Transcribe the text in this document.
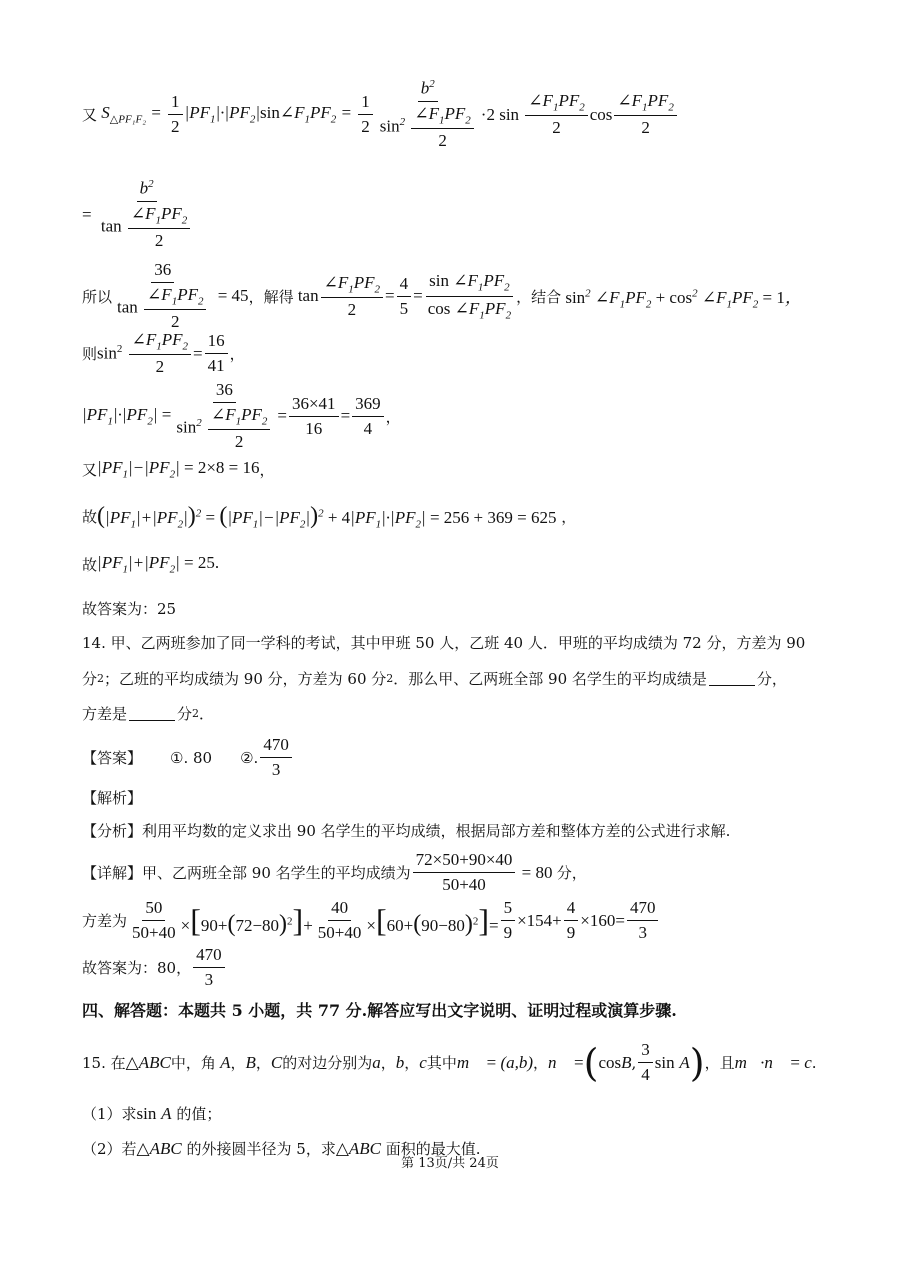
又 $S_{\triangle PF_1F_2} = \frac{1}{2}$ $|PF_1|\cdot|PF_2|\sin\angle F_1PF_2 = \frac{1}{2} \frac{b^2}{\sin^2 \frac{\angle F_1PF_2}{2}} \cdot 2$ $\sin \frac{\angle F_1PF_2}{2}$ $\cos \frac{\angle F_1PF_2}{2}$
= $\frac{b^2}{\tan \frac{\angle F_1PF_2}{2}}$
所以 $\frac{36}{\tan \frac{\angle F_1PF_2}{2}} = 45$ ，解得 $\tan \frac{\angle F_1PF_2}{2} = \frac{4}{5} = \frac{\sin \angle F_1PF_2}{\cos \angle F_1PF_2}$ ，结合 $\sin^2$ $\angle F_1PF_2 + \cos^2$ $\angle F_1PF_2 = 1$，
则 $\sin^2 \frac{\angle F_1PF_2}{2} = \frac{16}{41}$ ，
$|PF_1|\cdot|PF_2| = \frac{36}{\sin^2 \frac{\angle F_1PF_2}{2}} = \frac{36\times 41}{16} = \frac{369}{4}$ ，
又 $|PF_1|-|PF_2| = 2\times 8 = 16$ ，
故 $(|PF_1|+|PF_2|)^2 = (|PF_1|-|PF_2|)^2 + 4|PF_1|\cdot|PF_2| = 256 + 369 = 625$ ，
故 $|PF_1|+|PF_2| = 25$.
故答案为：25
14. 甲、乙两班参加了同一学科的考试，其中甲班 50 人，乙班 40 人．甲班的平均成绩为 72 分，方差为 90
分 2 ；乙班的平均成绩为 90 分，方差为 60 分 2 ．那么甲、乙两班全部 90 名学生的平均成绩是	分，
方差是	分 2 ．
【答案】 ①. 80 ②. $\frac{470}{3}$
【解析】
【分析】利用平均数的定义求出 90 名学生的平均成绩，根据局部方差和整体方差的公式进行求解.
【详解】甲、乙两班全部 90 名学生的平均成绩为 $\frac{72\times 50+90\times 40}{50+40} = 80$ 分，
方差为 $\frac{50}{50+40} \times[90+(72-80)^2]+ \frac{40}{50+40} \times[60+(90-80)^2]= \frac{5}{9} \times 154+ \frac{4}{9} \times 160= \frac{470}{3}$
故答案为：80， $\frac{470}{3}$
四、解答题：本题共 5 小题，共 77 分.解答应写出文字说明、证明过程或演算步骤.
15. 在 △ABC 中，角 A ， B ， C 的对边分别为 a ， b ， c 其中 m⃗ = (a,b) ， n⃗ = ( cos B , $\frac{3}{4}$ sin
A ) ，且 m⃗·n⃗ = c .
（1）求 sin
A
的值；
（2）若 △ABC
的外接圆半径为 5，求 △ABC
面积的最大值.
第 13页/共 24页
